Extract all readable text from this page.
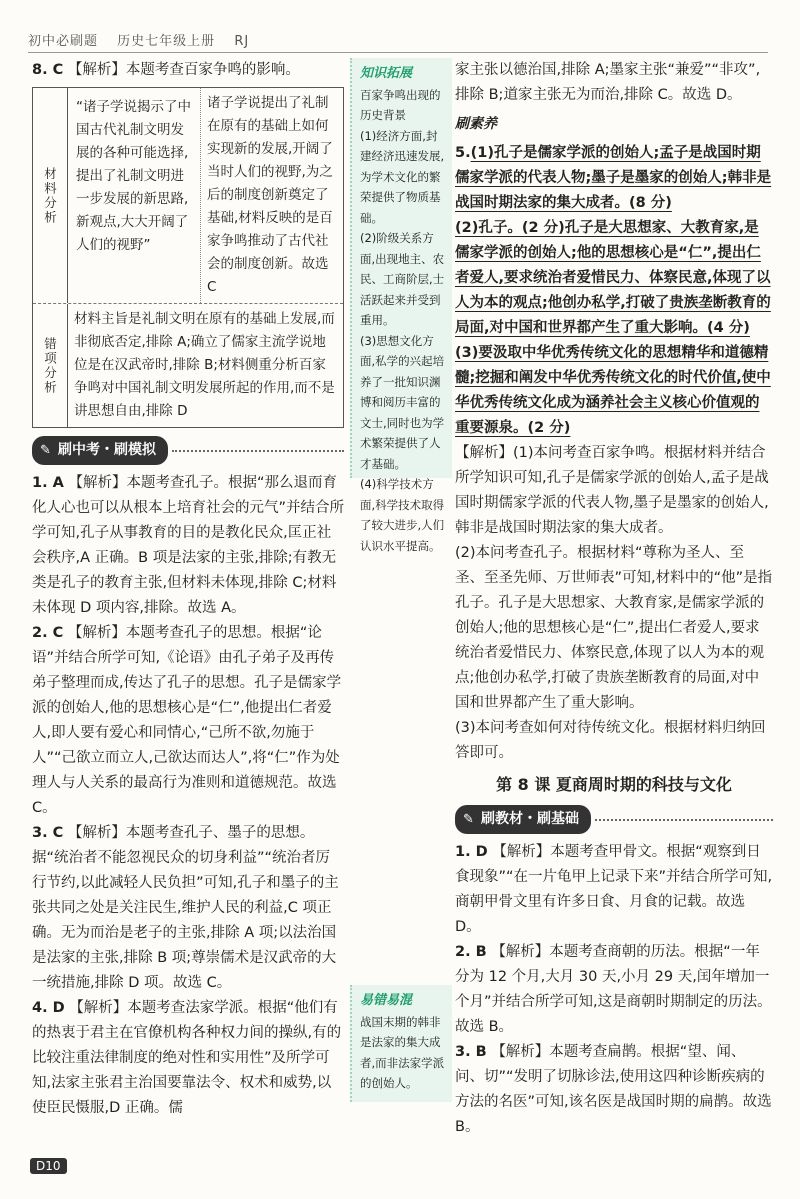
初中必刷题 历史七年级上册 RJ

8. C 【解析】本题考查百家争鸣的影响。

材料分析
“诸子学说揭示了中国古代礼制文明发展的各种可能选择,提出了礼制文明进一步发展的新思路,新观点,大大开阔了人们的视野”
诸子学说提出了礼制在原有的基础上如何实现新的发展,开阔了当时人们的视野,为之后的制度创新奠定了基础,材料反映的是百家争鸣推动了古代社会的制度创新。故选 C
错项分析
材料主旨是礼制文明在原有的基础上发展,而非彻底否定,排除 A;确立了儒家主流学说地位是在汉武帝时,排除 B;材料侧重分析百家争鸣对中国礼制文明发展所起的作用,而不是讲思想自由,排除 D
✎ 刷中考・刷模拟

1. A 【解析】本题考查孔子。根据“那么退而育化人心也可以从根本上培育社会的元气”并结合所学可知,孔子从事教育的目的是教化民众,匡正社会秩序,A 正确。B 项是法家的主张,排除;有教无类是孔子的教育主张,但材料未体现,排除 C;材料未体现 D 项内容,排除。故选 A。

2. C 【解析】本题考查孔子的思想。根据“论语”并结合所学可知,《论语》由孔子弟子及再传弟子整理而成,传达了孔子的思想。孔子是儒家学派的创始人,他的思想核心是“仁”,他提出仁者爱人,即人要有爱心和同情心,“己所不欲,勿施于人”“己欲立而立人,己欲达而达人”,将“仁”作为处理人与人关系的最高行为准则和道德规范。故选 C。

3. C 【解析】本题考查孔子、墨子的思想。据“统治者不能忽视民众的切身利益”“统治者厉行节约,以此减轻人民负担”可知,孔子和墨子的主张共同之处是关注民生,维护人民的利益,C 项正确。无为而治是老子的主张,排除 A 项;以法治国是法家的主张,排除 B 项;尊崇儒术是汉武帝的大一统措施,排除 D 项。故选 C。

4. D 【解析】本题考查法家学派。根据“他们有的热衷于君主在官僚机构各种权力间的操纵,有的比较注重法律制度的绝对性和实用性”及所学可知,法家主张君主治国要靠法令、权术和威势,以使臣民慑服,D 正确。儒

知识拓展
百家争鸣出现的历史背景
(1)经济方面,封建经济迅速发展,为学术文化的繁荣提供了物质基础。
(2)阶级关系方面,出现地主、农民、工商阶层,士活跃起来并受到重用。
(3)思想文化方面,私学的兴起培养了一批知识渊博和阅历丰富的文士,同时也为学术繁荣提供了人才基础。
(4)科学技术方面,科学技术取得了较大进步,人们认识水平提高。
易错易混
战国末期的韩非是法家的集大成者,而非法家学派的创始人。

家主张以德治国,排除 A;墨家主张“兼爱”“非攻”,排除 B;道家主张无为而治,排除 C。故选 D。

刷素养

5.(1)孔子是儒家学派的创始人;孟子是战国时期儒家学派的代表人物;墨子是墨家的创始人;韩非是战国时期法家的集大成者。(8 分)

(2)孔子。(2 分)孔子是大思想家、大教育家,是儒家学派的创始人;他的思想核心是“仁”,提出仁者爱人,要求统治者爱惜民力、体察民意,体现了以人为本的观点;他创办私学,打破了贵族垄断教育的局面,对中国和世界都产生了重大影响。(4 分)

(3)要汲取中华优秀传统文化的思想精华和道德精髓;挖掘和阐发中华优秀传统文化的时代价值,使中华优秀传统文化成为涵养社会主义核心价值观的重要源泉。(2 分)

【解析】(1)本问考查百家争鸣。根据材料并结合所学知识可知,孔子是儒家学派的创始人,孟子是战国时期儒家学派的代表人物,墨子是墨家的创始人,韩非是战国时期法家的集大成者。

(2)本问考查孔子。根据材料“尊称为圣人、至圣、至圣先师、万世师表”可知,材料中的“他”是指孔子。孔子是大思想家、大教育家,是儒家学派的创始人;他的思想核心是“仁”,提出仁者爱人,要求统治者爱惜民力、体察民意,体现了以人为本的观点;他创办私学,打破了贵族垄断教育的局面,对中国和世界都产生了重大影响。

(3)本问考查如何对待传统文化。根据材料归纳回答即可。

第 8 课 夏商周时期的科技与文化
✎ 刷教材・刷基础

1. D 【解析】本题考查甲骨文。根据“观察到日食现象”“在一片龟甲上记录下来”并结合所学可知,商朝甲骨文里有许多日食、月食的记载。故选 D。

2. B 【解析】本题考查商朝的历法。根据“一年分为 12 个月,大月 30 天,小月 29 天,闰年增加一个月”并结合所学可知,这是商朝时期制定的历法。故选 B。

3. B 【解析】本题考查扁鹊。根据“望、闻、问、切”“发明了切脉诊法,使用这四种诊断疾病的方法的名医”可知,该名医是战国时期的扁鹊。故选 B。

D10
